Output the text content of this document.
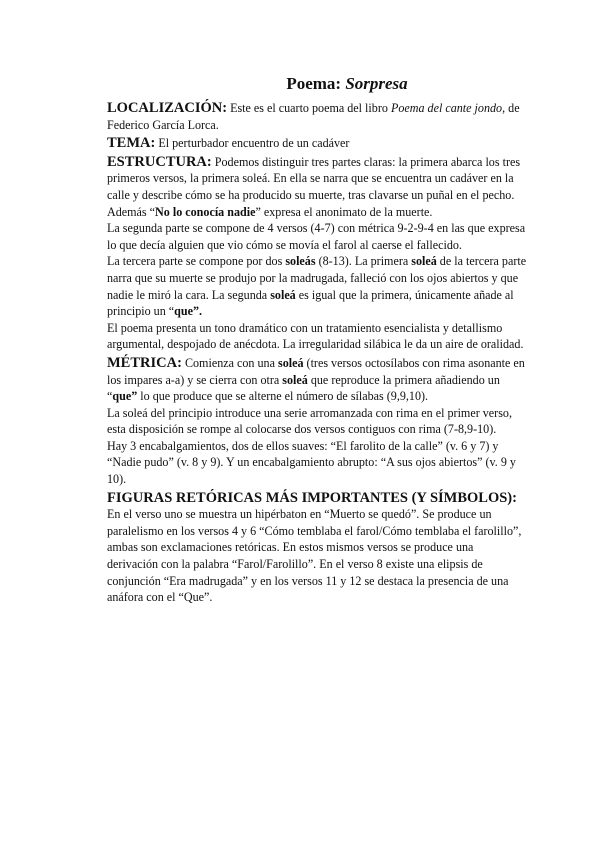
Poema: Sorpresa

LOCALIZACIÓN: Este es el cuarto poema del libro Poema del cante jondo, de Federico García Lorca.

TEMA: El perturbador encuentro de un cadáver

ESTRUCTURA: Podemos distinguir tres partes claras: la primera abarca los tres primeros versos, la primera soleá. En ella se narra que se encuentra un cadáver en la calle y describe cómo se ha producido su muerte, tras clavarse un puñal en el pecho. Además “No lo conocía nadie” expresa el anonimato de la muerte.

La segunda parte se compone de 4 versos (4-7) con métrica 9-2-9-4 en las que expresa lo que decía alguien que vio cómo se movía el farol al caerse el fallecido.

La tercera parte se compone por dos soleás (8-13). La primera soleá de la tercera parte narra que su muerte se produjo por la madrugada, falleció con los ojos abiertos y que nadie le miró la cara. La segunda soleá es igual que la primera, únicamente añade al principio un “que”.

El poema presenta un tono dramático con un tratamiento esencialista y detallismo argumental, despojado de anécdota. La irregularidad silábica le da un aire de oralidad.

MÉTRICA: Comienza con una soleá (tres versos octosílabos con rima asonante en los impares a-a) y se cierra con otra soleá que reproduce la primera añadiendo un “que” lo que produce que se alterne el número de sílabas (9,9,10).

La soleá del principio introduce una serie arromanzada con rima en el primer verso, esta disposición se rompe al colocarse dos versos contiguos con rima (7-8,9-10).

Hay 3 encabalgamientos, dos de ellos suaves: “El farolito de la calle” (v. 6 y 7) y “Nadie pudo” (v. 8 y 9). Y un encabalgamiento abrupto: “A sus ojos abiertos” (v. 9 y 10).

FIGURAS RETÓRICAS MÁS IMPORTANTES (Y SÍMBOLOS): En el verso uno se muestra un hipérbaton en “Muerto se quedó”. Se produce un paralelismo en los versos 4 y 6 “Cómo temblaba el farol/Cómo temblaba el farolillo”, ambas son exclamaciones retóricas. En estos mismos versos se produce una derivación con la palabra “Farol/Farolillo”. En el verso 8 existe una elipsis de conjunción “Era madrugada” y en los versos 11 y 12 se destaca la presencia de una anáfora con el “Que”.
